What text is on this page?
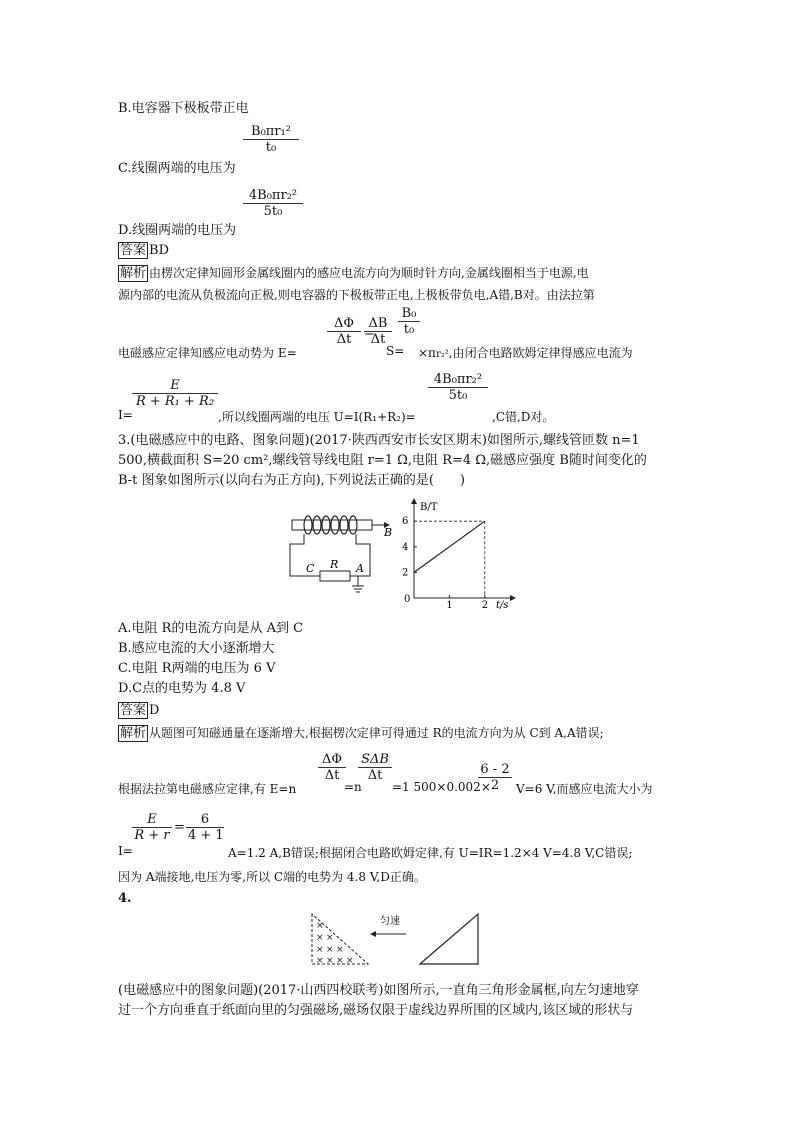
B.电容器下极板带正电
B₀πr₁²
t₀
C.线圈两端的电压为
4B₀πr₂²
5t₀
D.线圈两端的电压为
答案 BD
解析 由楞次定律知圆形金属线圈内的感应电流方向为顺时针方向,金属线圈相当于电源,电
源内部的电流从负极流向正极,则电容器的下极板带正电,上极板带负电,A错,B对。由法拉第
电磁感应定律知感应电动势为 E=
ΔΦ
Δt =
ΔB
Δt
S=
B₀
t₀
×πr₂²,由闭合电路欧姆定律得感应电流为
E
R + R₁ + R₂
I=	,所以线圈两端的电压 U=I(R₁+R₂)=
4B₀πr₂²
5t₀
,C错,D对。
3.(电磁感应中的电路、图象问题)(2017·陕西西安市长安区期末)如图所示,螺线管匝数 n=1
500,横截面积 S=20 cm²,螺线管导线电阻 r=1 Ω,电阻 R=4 Ω,磁感应强度 B随时间变化的
B-t 图象如图所示(以向右为正方向),下列说法正确的是(　　)
B
C R A
B/T
t/s
0
2
4
6
1	2
A.电阻 R的电流方向是从 A到 C
B.感应电流的大小逐渐增大
C.电阻 R两端的电压为 6 V
D.C点的电势为 4.8 V
答案 D
解析 从题图可知磁通量在逐渐增大,根据楞次定律可得通过 R的电流方向为从 C到 A,A错误;
根据法拉第电磁感应定律,有 E=n
ΔΦ
Δt
=n
SΔB
Δt
=1 500×0.002×
6 - 2
2	V=6 V,而感应电流大小为
I=
E
R + r
=
6
4 + 1
A=1.2 A,B错误;根据闭合电路欧姆定律,有 U=IR=1.2×4 V=4.8 V,C错误;
因为 A端接地,电压为零,所以 C端的电势为 4.8 V,D正确。
4.
×
× ×
× × ×
× × × ×
匀速
(电磁感应中的图象问题)(2017·山西四校联考)如图所示,一直角三角形金属框,向左匀速地穿
过一个方向垂直于纸面向里的匀强磁场,磁场仅限于虚线边界所围的区域内,该区域的形状与
